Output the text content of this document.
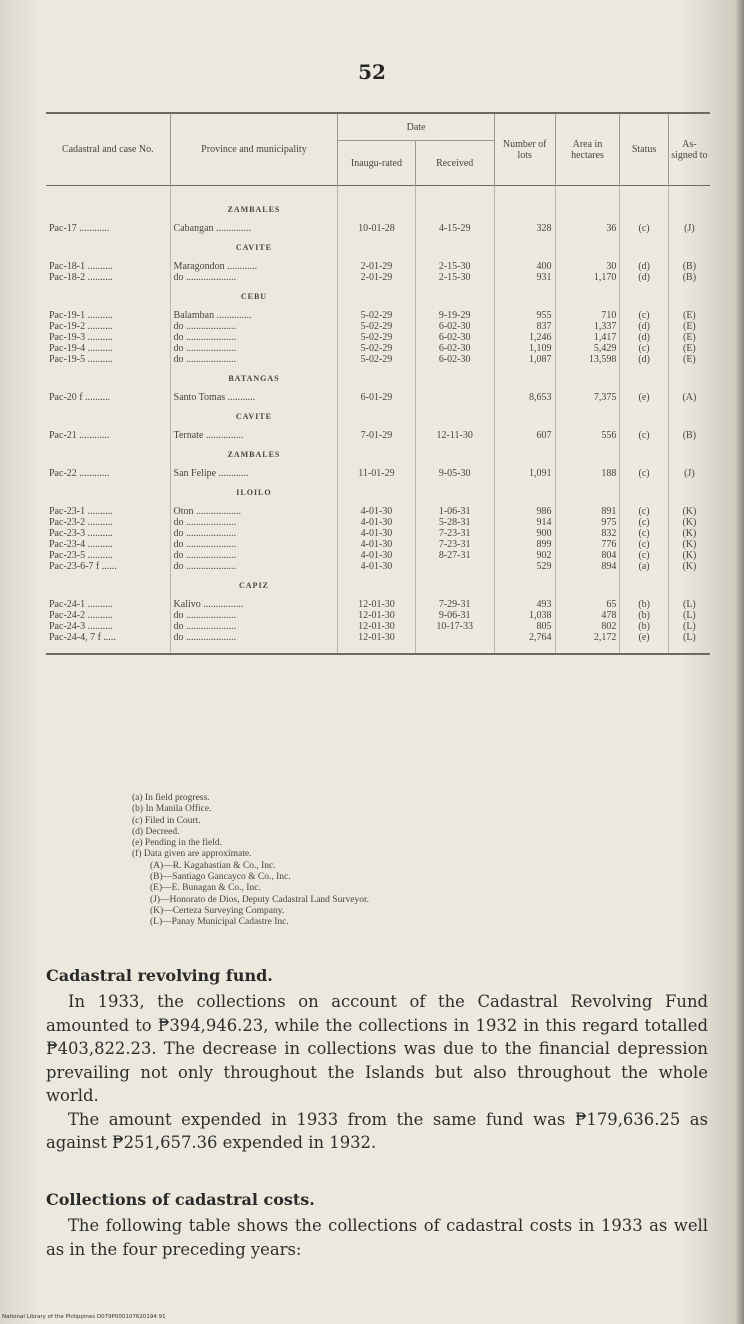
52
Cadastral and case No.	Province and municipality	Date		Number of lots	Area in hectares	Status	As-signed to
		Inaugu-rated	Received				

	ZAMBALES						
Pac-17 ............	Cabangan ..............	10-01-28	4-15-29	328	36	(c)	(J)
	CAVITE						
Pac-18-1 ..........	Maragondon ............	2-01-29	2-15-30	400	30	(d)	(B)
Pac-18-2 ..........	do ....................	2-01-29	2-15-30	931	1,170	(d)	(B)
	CEBU						
Pac-19-1 ..........	Balamban ..............	5-02-29	9-19-29	955	710	(c)	(E)
Pac-19-2 ..........	do ....................	5-02-29	6-02-30	837	1,337	(d)	(E)
Pac-19-3 ..........	do ....................	5-02-29	6-02-30	1,246	1,417	(d)	(E)
Pac-19-4 ..........	do ....................	5-02-29	6-02-30	1,109	5,429	(c)	(E)
Pac-19-5 ..........	do ....................	5-02-29	6-02-30	1,087	13,598	(d)	(E)
	BATANGAS						
Pac-20 f ..........	Santo Tomas ...........	6-01-29		8,653	7,375	(e)	(A)
	CAVITE						
Pac-21 ............	Ternate ...............	7-01-29	12-11-30	607	556	(c)	(B)
	ZAMBALES						
Pac-22 ............	San Felipe ............	11-01-29	9-05-30	1,091	188	(c)	(J)
	ILOILO						
Pac-23-1 ..........	Oton ..................	4-01-30	1-06-31	986	891	(c)	(K)
Pac-23-2 ..........	do ....................	4-01-30	5-28-31	914	975	(c)	(K)
Pac-23-3 ..........	do ....................	4-01-30	7-23-31	900	832	(c)	(K)
Pac-23-4 ..........	do ....................	4-01-30	7-23-31	899	776	(c)	(K)
Pac-23-5 ..........	do ....................	4-01-30	8-27-31	902	804	(c)	(K)
Pac-23-6-7 f ......	do ....................	4-01-30		529	894	(a)	(K)
	CAPIZ						
Pac-24-1 ..........	Kalivo ................	12-01-30	7-29-31	493	65	(b)	(L)
Pac-24-2 ..........	do ....................	12-01-30	9-06-31	1,038	478	(b)	(L)
Pac-24-3 ..........	do ....................	12-01-30	10-17-33	805	802	(b)	(L)
Pac-24-4, 7 f .....	do ....................	12-01-30		2,764	2,172	(e)	(L)

(a) In field progress.
(b) In Manila Office.
(c) Filed in Court.
(d) Decreed.
(e) Pending in the field.
(f) Data given are approximate.
(A)—R. Kagahastian & Co., Inc.
(B)—Santiago Gancayco & Co., Inc.
(E)—E. Bunagan & Co., Inc.
(J)—Honorato de Dios, Deputy Cadastral Land Surveyor.
(K)—Certeza Surveying Company.
(L)—Panay Municipal Cadastre Inc.
Cadastral revolving fund.

In 1933, the collections on account of the Cadastral Revolving Fund amounted to ₱394,946.23, while the collections in 1932 in this regard totalled ₱403,822.23. The decrease in collections was due to the financial depression prevailing not only throughout the Islands but also throughout the whole world.

The amount expended in 1933 from the same fund was ₱179,636.25 as against ₱251,657.36 expended in 1932.

Collections of cadastral costs.

The following table shows the collections of cadastral costs in 1933 as well as in the four preceding years:

National Library of the Philippines D079P000107620194 91
